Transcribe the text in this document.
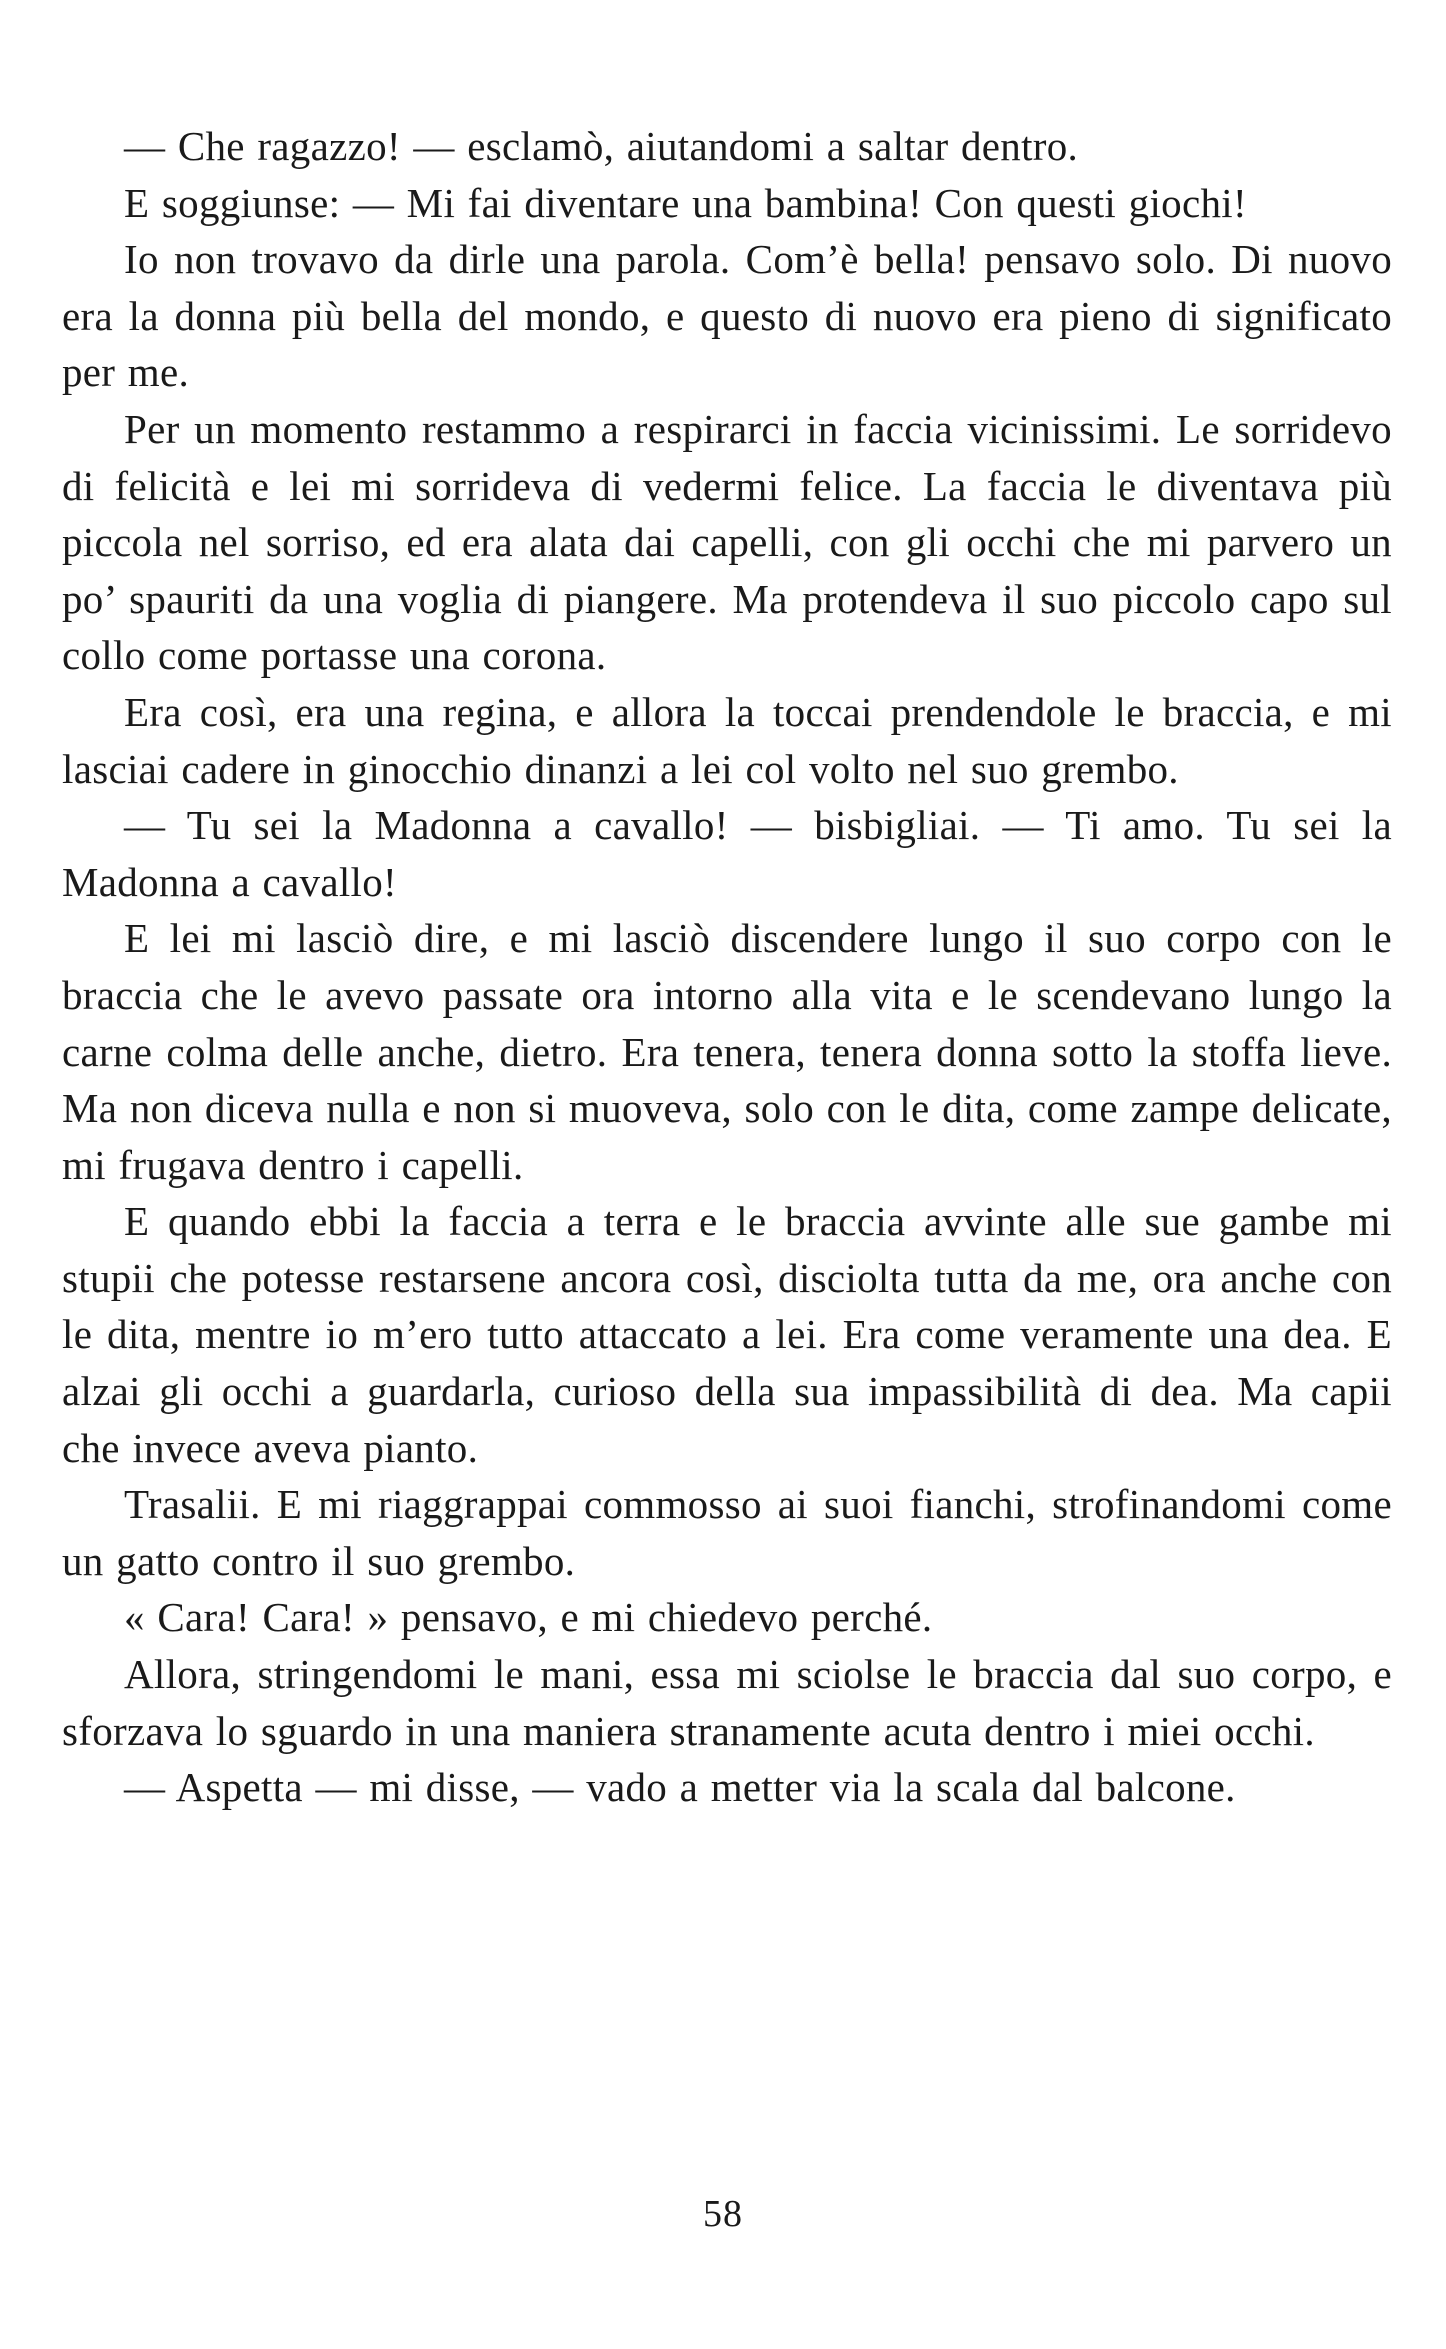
— Che ragazzo! — esclamò, aiutandomi a saltar dentro.

E soggiunse: — Mi fai diventare una bambina! Con questi giochi!

Io non trovavo da dirle una parola. Com’è bella! pensavo solo. Di nuovo era la donna più bella del mondo, e questo di nuovo era pieno di significato per me.

Per un momento restammo a respirarci in faccia vicinissimi. Le sorridevo di felicità e lei mi sorrideva di vedermi felice. La faccia le diventava più piccola nel sorriso, ed era alata dai capelli, con gli occhi che mi parvero un po’ spauriti da una voglia di piangere. Ma protendeva il suo piccolo capo sul collo come portasse una corona.

Era così, era una regina, e allora la toccai prendendole le braccia, e mi lasciai cadere in ginocchio dinanzi a lei col volto nel suo grembo.

— Tu sei la Madonna a cavallo! — bisbigliai. — Ti amo. Tu sei la Madonna a cavallo!

E lei mi lasciò dire, e mi lasciò discendere lungo il suo corpo con le braccia che le avevo passate ora intorno alla vita e le scendevano lungo la carne colma delle anche, dietro. Era tenera, tenera donna sotto la stoffa lieve. Ma non diceva nulla e non si muoveva, solo con le dita, come zampe delicate, mi frugava dentro i capelli.

E quando ebbi la faccia a terra e le braccia avvinte alle sue gambe mi stupii che potesse restarsene ancora così, disciolta tutta da me, ora anche con le dita, mentre io m’ero tutto attaccato a lei. Era come veramente una dea. E alzai gli occhi a guardarla, curioso della sua impassibilità di dea. Ma capii che invece aveva pianto.

Trasalii. E mi riaggrappai commosso ai suoi fianchi, strofinandomi come un gatto contro il suo grembo.

« Cara! Cara! » pensavo, e mi chiedevo perché.

Allora, stringendomi le mani, essa mi sciolse le braccia dal suo corpo, e sforzava lo sguardo in una maniera stranamente acuta dentro i miei occhi.

— Aspetta — mi disse, — vado a metter via la scala dal balcone.

58
